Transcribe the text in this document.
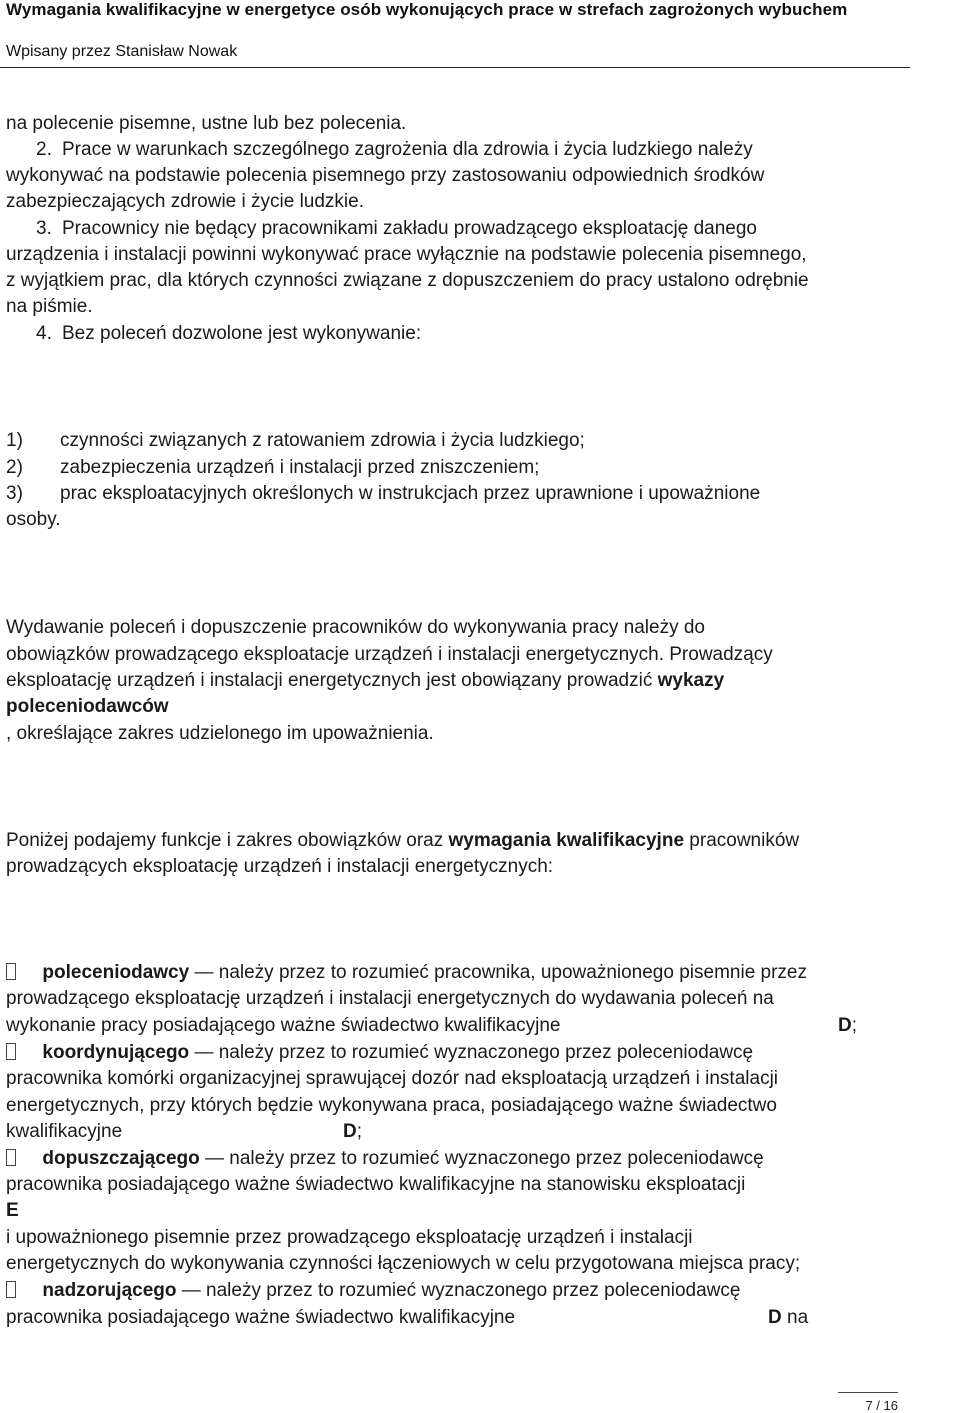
Wymagania kwalifikacyjne w energetyce osób wykonujących prace w strefach zagrożonych wybuchem
Wpisany przez Stanisław Nowak
na polecenie pisemne, ustne lub bez polecenia.
2. Prace w warunkach szczególnego zagrożenia dla zdrowia i życia ludzkiego należy
wykonywać na podstawie polecenia pisemnego przy zastosowaniu odpowiednich środków
zabezpieczających zdrowie i życie ludzkie.
3. Pracownicy nie będący pracownikami zakładu prowadzącego eksploatację danego
urządzenia i instalacji powinni wykonywać prace wyłącznie na podstawie polecenia pisemnego,
z wyjątkiem prac, dla których czynności związane z dopuszczeniem do pracy ustalono odrębnie
na piśmie.
4. Bez poleceń dozwolone jest wykonywanie:
1) czynności związanych z ratowaniem zdrowia i życia ludzkiego;
2) zabezpieczenia urządzeń i instalacji przed zniszczeniem;
3) prac eksploatacyjnych określonych w instrukcjach przez uprawnione i upoważnione
osoby.
Wydawanie poleceń i dopuszczenie pracowników do wykonywania pracy należy do
obowiązków prowadzącego eksploatacje urządzeń i instalacji energetycznych. Prowadzący
eksploatację urządzeń i instalacji energetycznych jest obowiązany prowadzić wykazy
poleceniodawców
, określające zakres udzielonego im upoważnienia.
Poniżej podajemy funkcje i zakres obowiązków oraz wymagania kwalifikacyjne pracowników
prowadzących eksploatację urządzeń i instalacji energetycznych:
poleceniodawcy — należy przez to rozumieć pracownika, upoważnionego pisemnie przez
prowadzącego eksploatację urządzeń i instalacji energetycznych do wydawania poleceń na
wykonanie pracy posiadającego ważne świadectwo kwalifikacyjne	D;
koordynującego — należy przez to rozumieć wyznaczonego przez poleceniodawcę
pracownika komórki organizacyjnej sprawującej dozór nad eksploatacją urządzeń i instalacji
energetycznych, przy których będzie wykonywana praca, posiadającego ważne świadectwo
kwalifikacyjne	D;
dopuszczającego — należy przez to rozumieć wyznaczonego przez poleceniodawcę
pracownika posiadającego ważne świadectwo kwalifikacyjne na stanowisku eksploatacji
E
i upoważnionego pisemnie przez prowadzącego eksploatację urządzeń i instalacji
energetycznych do wykonywania czynności łączeniowych w celu przygotowana miejsca pracy;
nadzorującego — należy przez to rozumieć wyznaczonego przez poleceniodawcę
pracownika posiadającego ważne świadectwo kwalifikacyjne	D na
7 / 16
